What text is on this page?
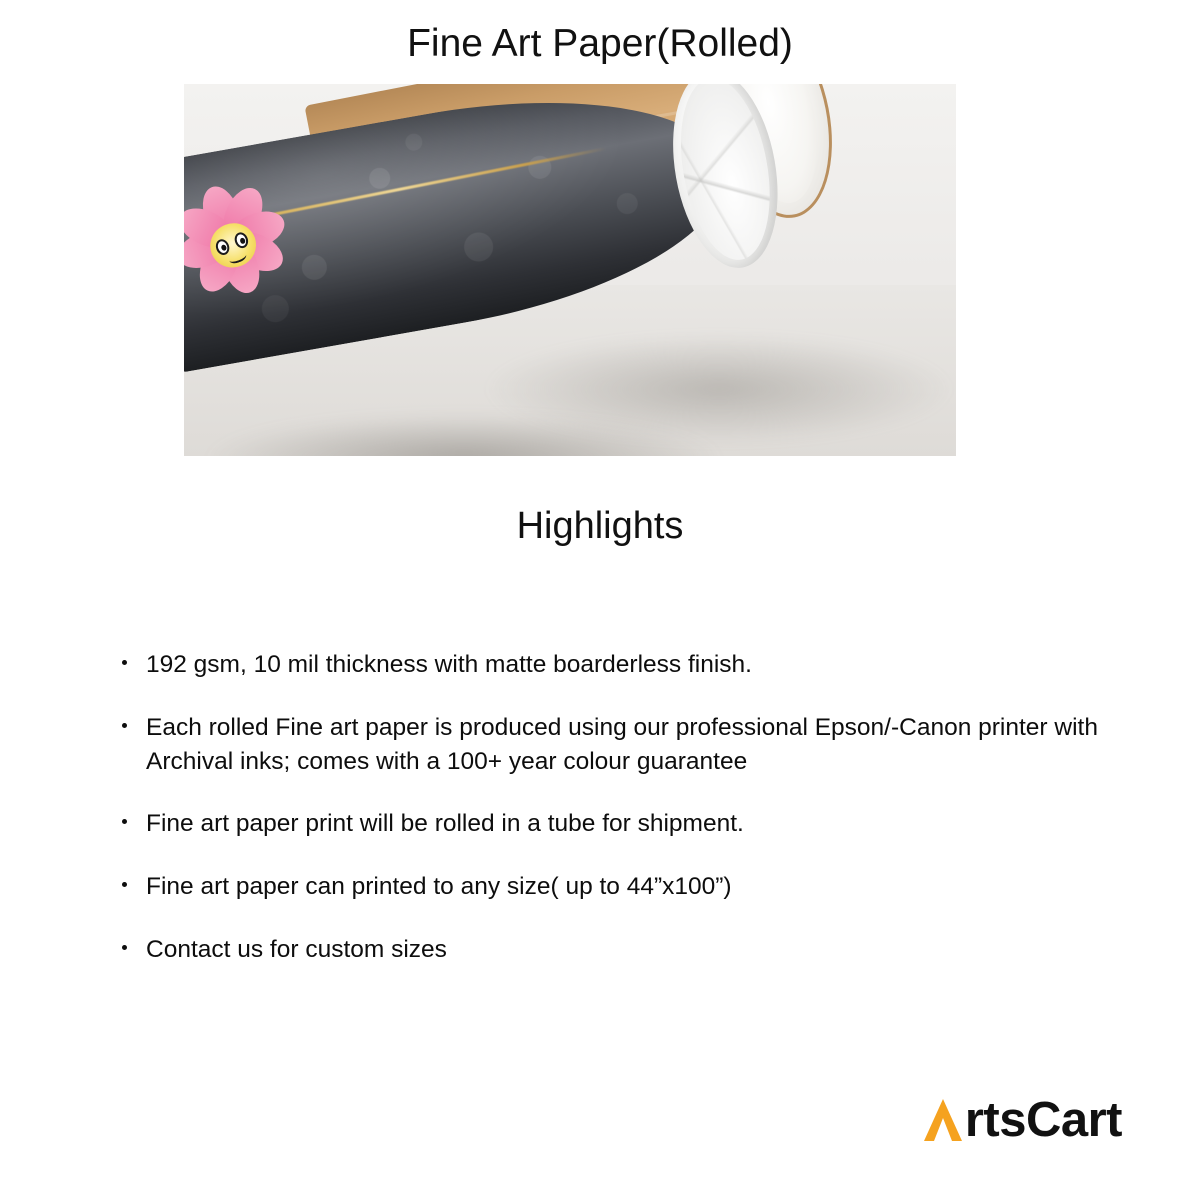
Fine Art Paper(Rolled)
Highlights
192 gsm, 10 mil thickness with matte boarderless finish.
Each rolled Fine art paper is produced using our professional Epson/-Canon printer with Archival inks; comes with a 100+ year colour guarantee
Fine art paper print will be rolled in a tube for shipment.
Fine art paper can printed to any size( up to 44”x100”)
Contact us for custom sizes
rtsCart
